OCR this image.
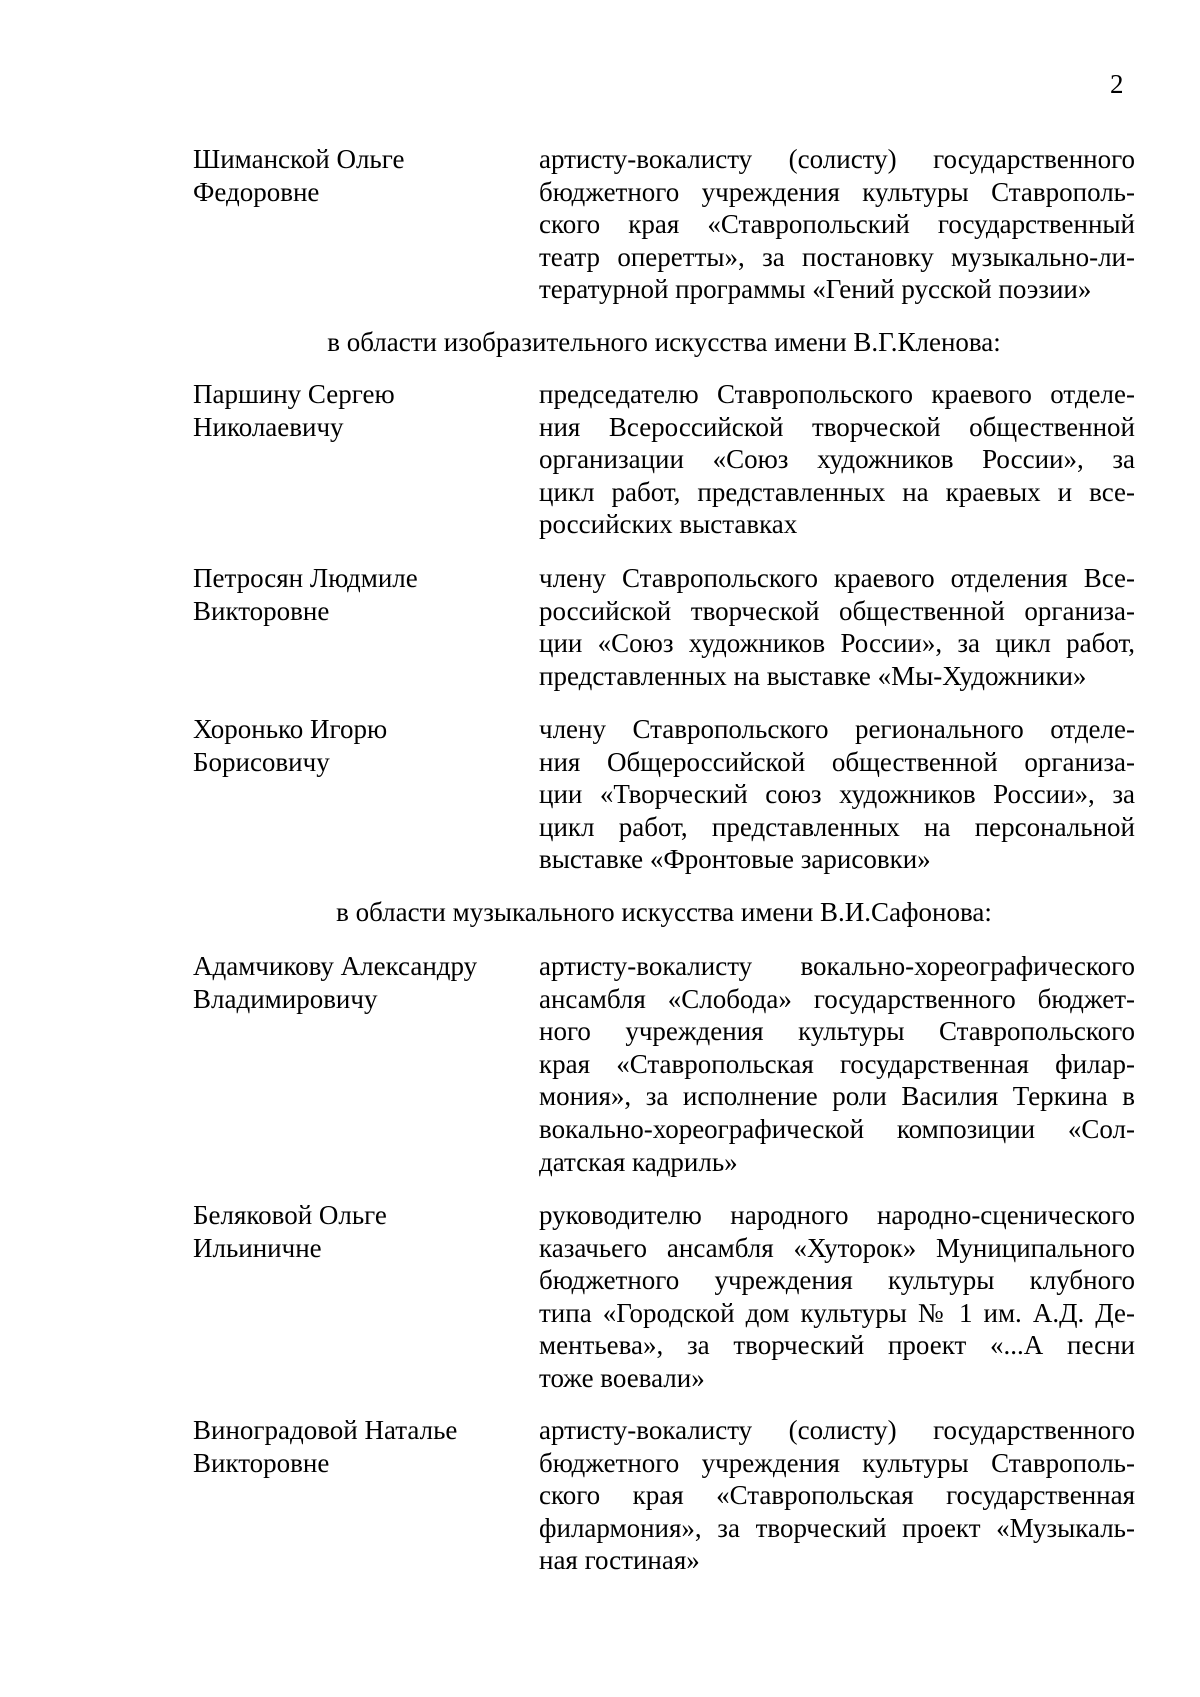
2
Шиманской Ольге
Федоровне
артисту-вокалисту (солисту) государственного
бюджетного учреждения культуры Ставрополь-
ского края «Ставропольский государственный
театр оперетты», за постановку музыкально-ли-
тературной программы «Гений русской поэзии»
в области изобразительного искусства имени В.Г.Кленова:
Паршину Сергею
Николаевичу
председателю Ставропольского краевого отделе-
ния Всероссийской творческой общественной
организации «Союз художников России», за
цикл работ, представленных на краевых и все-
российских выставках
Петросян Людмиле
Викторовне
члену Ставропольского краевого отделения Все-
российской творческой общественной организа-
ции «Союз художников России», за цикл работ,
представленных на выставке «Мы-Художники»
Хоронько Игорю
Борисовичу
члену Ставропольского регионального отделе-
ния Общероссийской общественной организа-
ции «Творческий союз художников России», за
цикл работ, представленных на персональной
выставке «Фронтовые зарисовки»
в области музыкального искусства имени В.И.Сафонова:
Адамчикову Александру
Владимировичу
артисту-вокалисту вокально-хореографического
ансамбля «Слобода» государственного бюджет-
ного учреждения культуры Ставропольского
края «Ставропольская государственная филар-
мония», за исполнение роли Василия Теркина в
вокально-хореографической композиции «Сол-
датская кадриль»
Беляковой Ольге
Ильиничне
руководителю народного народно-сценического
казачьего ансамбля «Хуторок» Муниципального
бюджетного учреждения культуры клубного
типа «Городской дом культуры № 1 им. А.Д. Де-
ментьева», за творческий проект «...А песни
тоже воевали»
Виноградовой Наталье
Викторовне
артисту-вокалисту (солисту) государственного
бюджетного учреждения культуры Ставрополь-
ского края «Ставропольская государственная
филармония», за творческий проект «Музыкаль-
ная гостиная»
